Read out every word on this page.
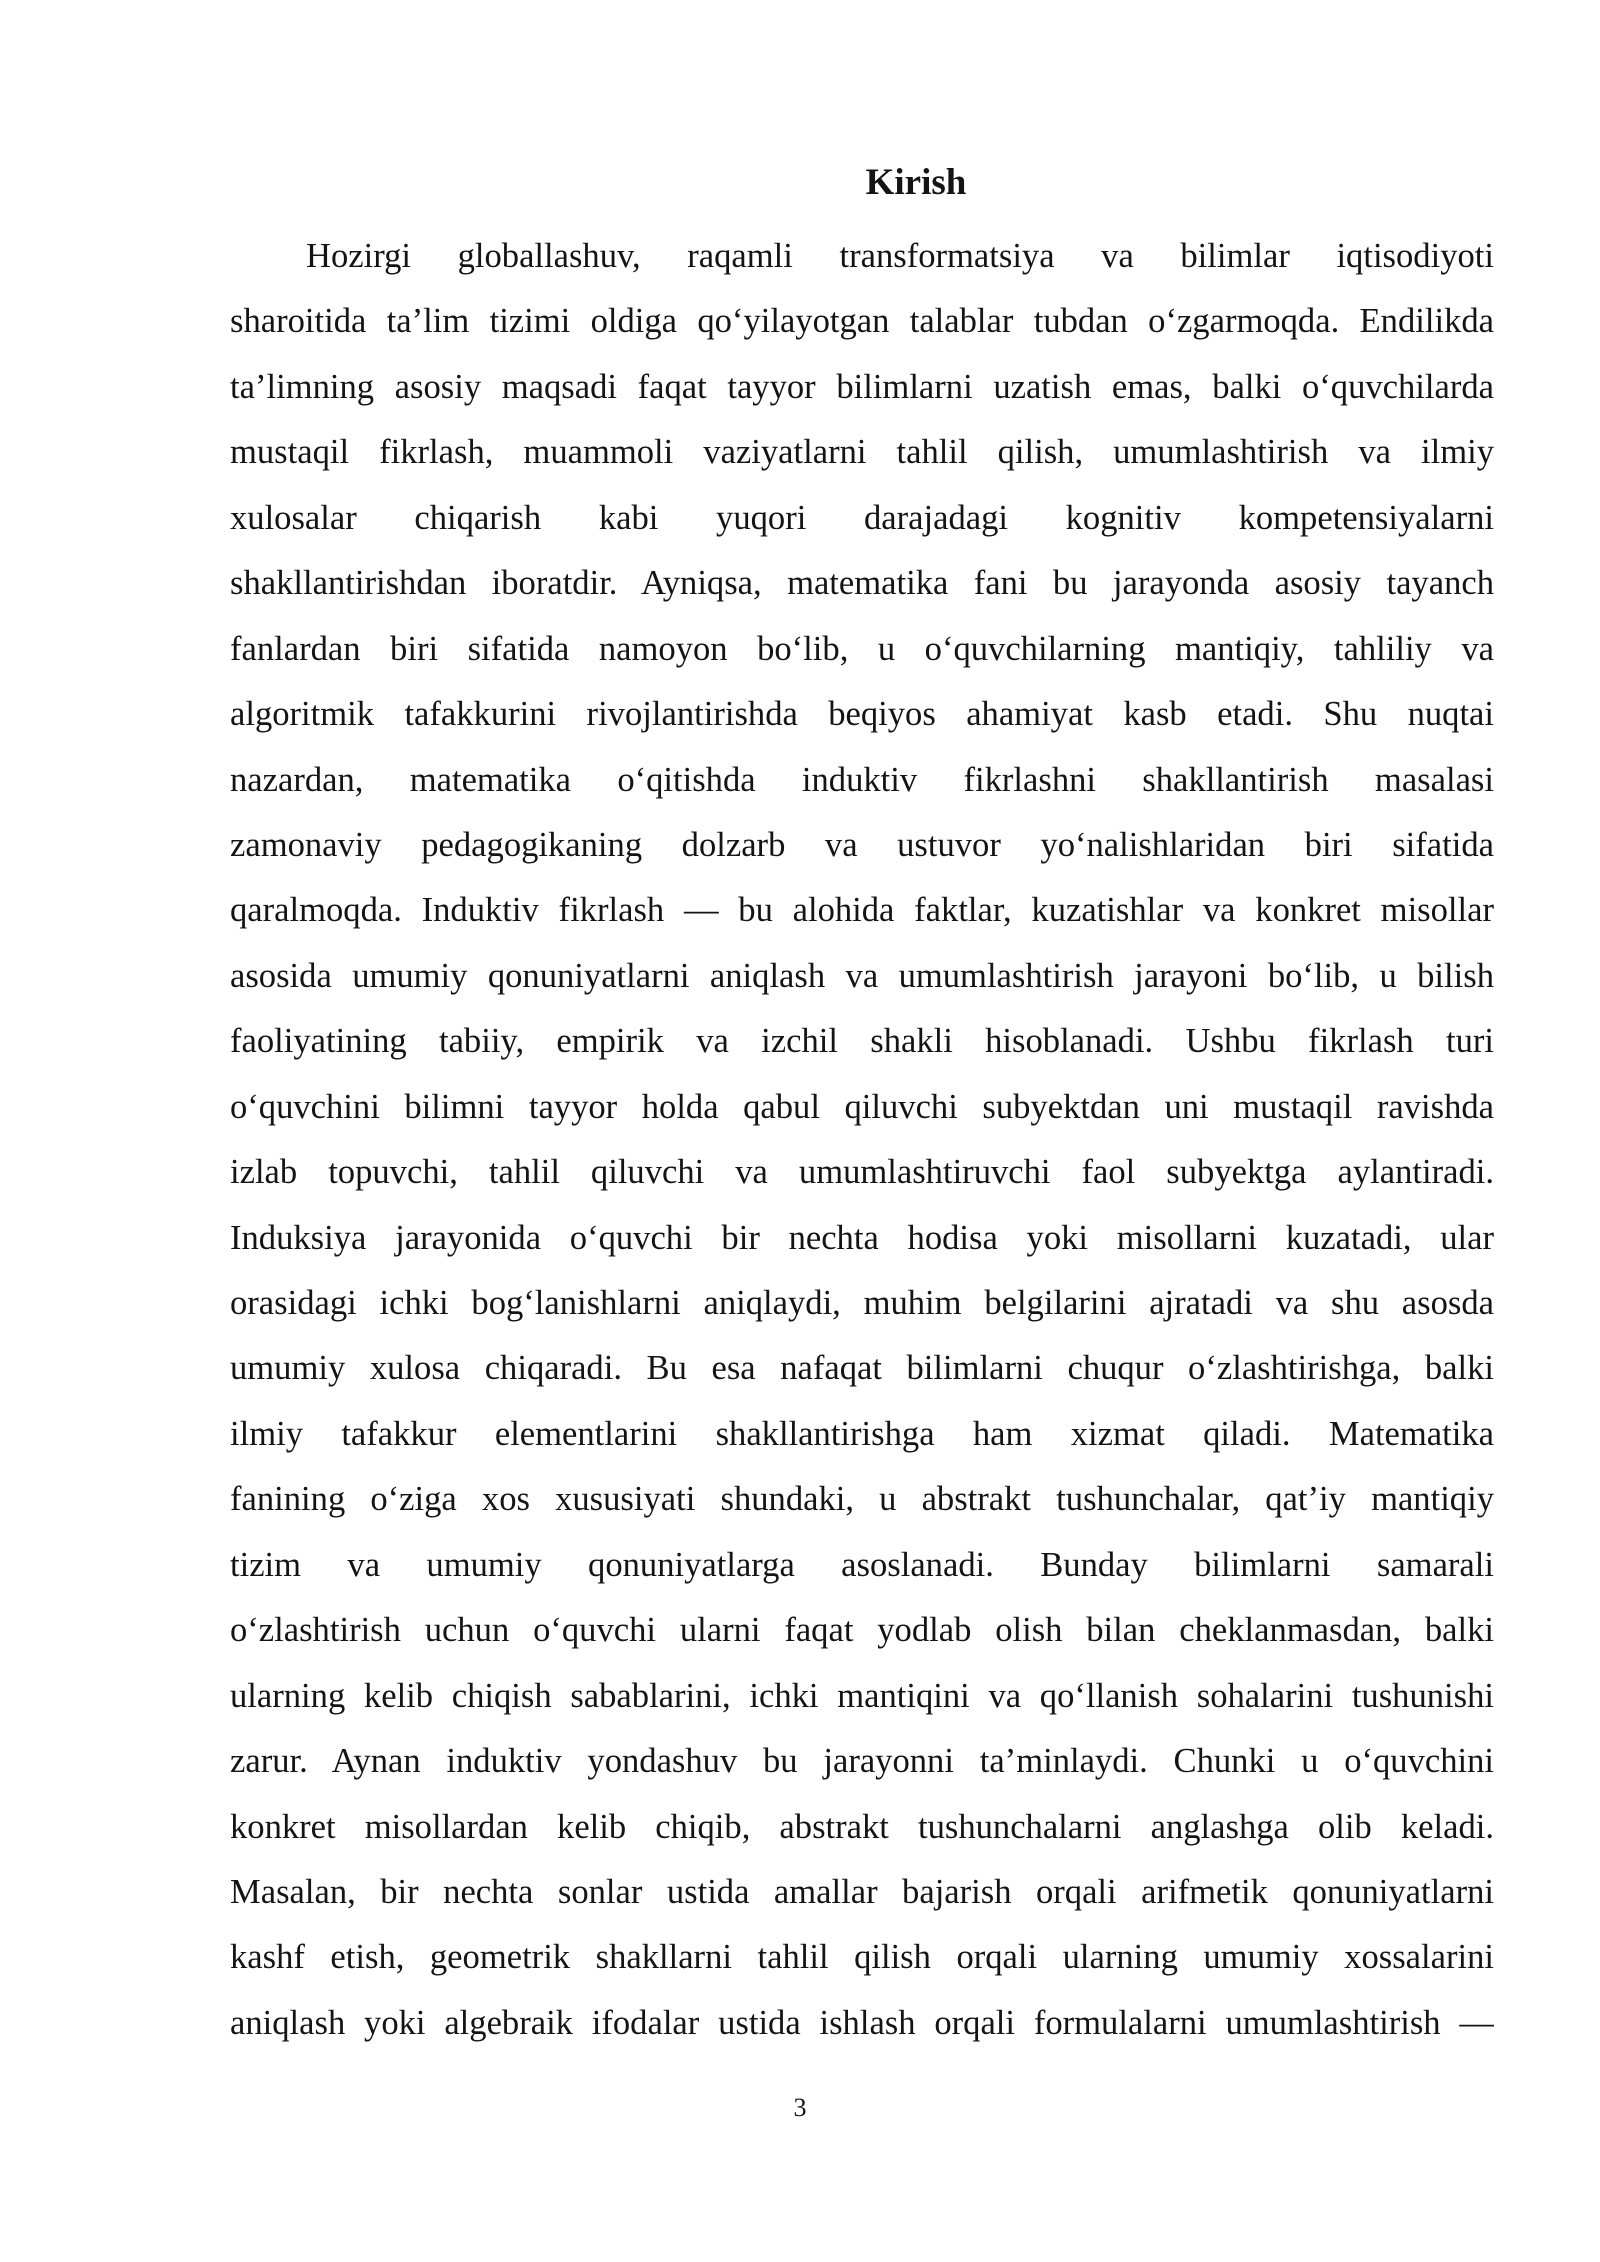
Kirish
Hozirgi globallashuv, raqamli transformatsiya va bilimlar iqtisodiyoti
sharoitida ta’lim tizimi oldiga qo‘yilayotgan talablar tubdan o‘zgarmoqda. Endilikda
ta’limning asosiy maqsadi faqat tayyor bilimlarni uzatish emas, balki o‘quvchilarda
mustaqil fikrlash, muammoli vaziyatlarni tahlil qilish, umumlashtirish va ilmiy
xulosalar chiqarish kabi yuqori darajadagi kognitiv kompetensiyalarni
shakllantirishdan iboratdir. Ayniqsa, matematika fani bu jarayonda asosiy tayanch
fanlardan biri sifatida namoyon bo‘lib, u o‘quvchilarning mantiqiy, tahliliy va
algoritmik tafakkurini rivojlantirishda beqiyos ahamiyat kasb etadi. Shu nuqtai
nazardan, matematika o‘qitishda induktiv fikrlashni shakllantirish masalasi
zamonaviy pedagogikaning dolzarb va ustuvor yo‘nalishlaridan biri sifatida
qaralmoqda. Induktiv fikrlash — bu alohida faktlar, kuzatishlar va konkret misollar
asosida umumiy qonuniyatlarni aniqlash va umumlashtirish jarayoni bo‘lib, u bilish
faoliyatining tabiiy, empirik va izchil shakli hisoblanadi. Ushbu fikrlash turi
o‘quvchini bilimni tayyor holda qabul qiluvchi subyektdan uni mustaqil ravishda
izlab topuvchi, tahlil qiluvchi va umumlashtiruvchi faol subyektga aylantiradi.
Induksiya jarayonida o‘quvchi bir nechta hodisa yoki misollarni kuzatadi, ular
orasidagi ichki bog‘lanishlarni aniqlaydi, muhim belgilarini ajratadi va shu asosda
umumiy xulosa chiqaradi. Bu esa nafaqat bilimlarni chuqur o‘zlashtirishga, balki
ilmiy tafakkur elementlarini shakllantirishga ham xizmat qiladi. Matematika
fanining o‘ziga xos xususiyati shundaki, u abstrakt tushunchalar, qat’iy mantiqiy
tizim va umumiy qonuniyatlarga asoslanadi. Bunday bilimlarni samarali
o‘zlashtirish uchun o‘quvchi ularni faqat yodlab olish bilan cheklanmasdan, balki
ularning kelib chiqish sabablarini, ichki mantiqini va qo‘llanish sohalarini tushunishi
zarur. Aynan induktiv yondashuv bu jarayonni ta’minlaydi. Chunki u o‘quvchini
konkret misollardan kelib chiqib, abstrakt tushunchalarni anglashga olib keladi.
Masalan, bir nechta sonlar ustida amallar bajarish orqali arifmetik qonuniyatlarni
kashf etish, geometrik shakllarni tahlil qilish orqali ularning umumiy xossalarini
aniqlash yoki algebraik ifodalar ustida ishlash orqali formulalarni umumlashtirish —
3
